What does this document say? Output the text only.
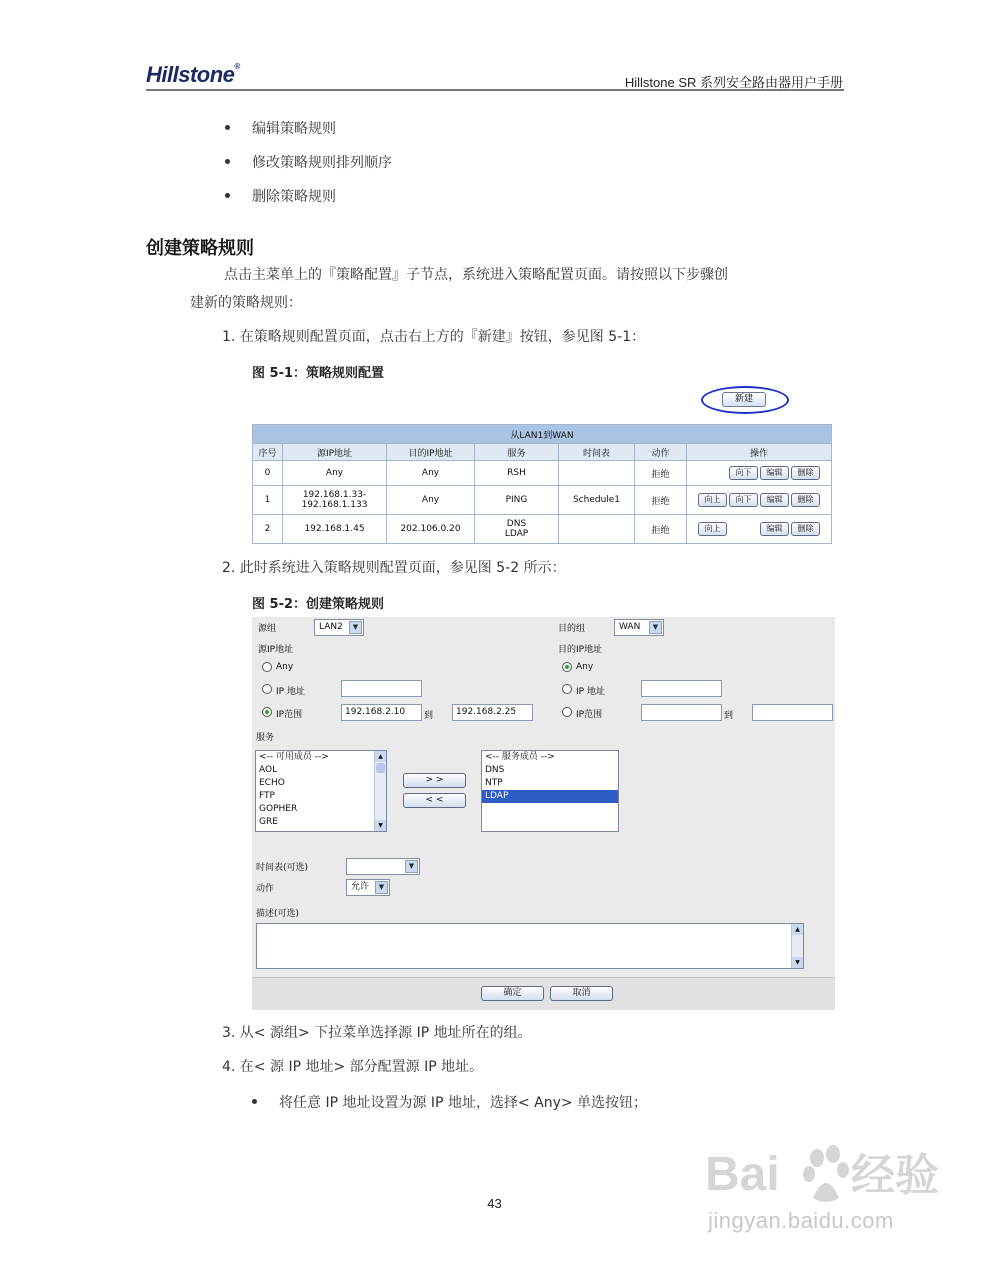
Hillstone®
Hillstone SR 系列安全路由器用户手册
编辑策略规则
修改策略规则排列顺序
删除策略规则
创建策略规则
点击主菜单上的『策略配置』子节点，系统进入策略配置页面。请按照以下步骤创
建新的策略规则：
1. 在策略规则配置页面，点击右上方的『新建』按钮，参见图 5-1：
图 5-1：策略规则配置
新建
从LAN1到WAN						
序号	源IP地址	目的IP地址	服务	时间表	动作	操作
0	Any	Any	RSH		拒绝	向下 编辑 删除
1	192.168.1.33-
192.168.1.133	Any	PING	Schedule1	拒绝	向上 向下 编辑 删除
2	192.168.1.45	202.106.0.20	DNS
LDAP		拒绝	向上 编辑 删除
2. 此时系统进入策略规则配置页面，参见图 5-2 所示：
图 5-2：创建策略规则
源组	LAN2	▼	目的组	WAN	▼
源IP地址	目的IP地址
Any
IP 地址
IP范围	192.168.2.10	到	192.168.2.25
Any
IP 地址
IP范围	到
服务
<-- 可用成员 -->
AOL
ECHO
FTP
GOPHER
GRE
▲
▼
> >
< <
<-- 服务成员 -->
DNS
NTP
LDAP
时间表(可选)	▼
动作	允许	▼
描述(可选)
▲
▼
确定	取消
3. 从< 源组> 下拉菜单选择源 IP 地址所在的组。
4. 在< 源 IP 地址> 部分配置源 IP 地址。
将任意 IP 地址设置为源 IP 地址，选择< Any> 单选按钮；
43
Bai 经验
jingyan.baidu.com
